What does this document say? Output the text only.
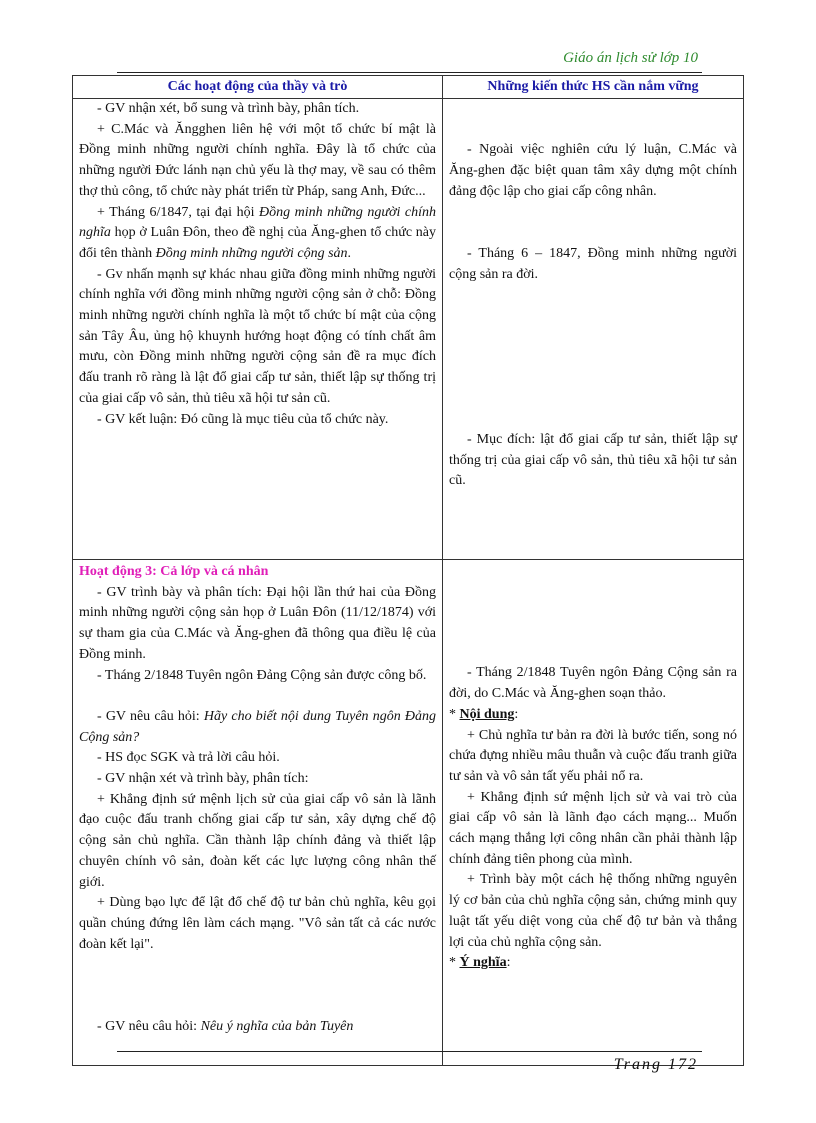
Giáo án lịch sử lớp 10
Các hoạt động của thầy và trò	Những kiến thức HS cần nắm vững

- GV nhận xét, bổ sung và trình bày, phân tích.

+ C.Mác và Ăngghen liên hệ với một tổ chức bí mật là Đồng minh những người chính nghĩa. Đây là tổ chức của những người Đức lánh nạn chủ yếu là thợ may, về sau có thêm thợ thủ công, tổ chức này phát triển từ Pháp, sang Anh, Đức...

+ Tháng 6/1847, tại đại hội Đồng minh những người chính nghĩa họp ở Luân Đôn, theo đề nghị của Ăng-ghen tổ chức này đổi tên thành Đồng minh những người cộng sản.

- Gv nhấn mạnh sự khác nhau giữa đồng minh những người chính nghĩa với đồng minh những người cộng sản ở chỗ: Đồng minh những người chính nghĩa là một tổ chức bí mật của cộng sản Tây Âu, ủng hộ khuynh hướng hoạt động có tính chất âm mưu, còn Đồng minh những người cộng sản đề ra mục đích đấu tranh rõ ràng là lật đổ giai cấp tư sản, thiết lập sự thống trị của giai cấp vô sản, thủ tiêu xã hội tư sản cũ.

- GV kết luận: Đó cũng là mục tiêu của tổ chức này.

- Ngoài việc nghiên cứu lý luận, C.Mác và Ăng-ghen đặc biệt quan tâm xây dựng một chính đảng độc lập cho giai cấp công nhân.

- Tháng 6 – 1847, Đồng minh những người cộng sản ra đời.

- Mục đích: lật đổ giai cấp tư sản, thiết lập sự thống trị của giai cấp vô sản, thủ tiêu xã hội tư sản cũ.

Hoạt động 3: Cả lớp và cá nhân

- GV trình bày và phân tích: Đại hội lần thứ hai của Đồng minh những người cộng sản họp ở Luân Đôn (11/12/1874) với sự tham gia của C.Mác và Ăng-ghen đã thông qua điều lệ của Đồng minh.

- Tháng 2/1848 Tuyên ngôn Đảng Cộng sản được công bố.

- GV nêu câu hỏi: Hãy cho biết nội dung Tuyên ngôn Đảng Cộng sản?

- HS đọc SGK và trả lời câu hỏi.

- GV nhận xét và trình bày, phân tích:

+ Khẳng định sứ mệnh lịch sử của giai cấp vô sản là lãnh đạo cuộc đấu tranh chống giai cấp tư sản, xây dựng chế độ cộng sản chủ nghĩa. Cần thành lập chính đảng và thiết lập chuyên chính vô sản, đoàn kết các lực lượng công nhân thế giới.

+ Dùng bạo lực để lật đổ chế độ tư bản chủ nghĩa, kêu gọi quần chúng đứng lên làm cách mạng. "Vô sản tất cả các nước đoàn kết lại".

- GV nêu câu hỏi: Nêu ý nghĩa của bản Tuyên

- Tháng 2/1848 Tuyên ngôn Đảng Cộng sản ra đời, do C.Mác và Ăng-ghen soạn thảo.

* Nội dung:

+ Chủ nghĩa tư bản ra đời là bước tiến, song nó chứa đựng nhiều mâu thuẫn và cuộc đấu tranh giữa tư sản và vô sản tất yếu phải nổ ra.

+ Khẳng định sứ mệnh lịch sử và vai trò của giai cấp vô sản là lãnh đạo cách mạng... Muốn cách mạng thắng lợi công nhân cần phải thành lập chính đảng tiên phong của mình.

+ Trình bày một cách hệ thống những nguyên lý cơ bản của chủ nghĩa cộng sản, chứng minh quy luật tất yếu diệt vong của chế độ tư bản và thắng lợi của chủ nghĩa cộng sản.

* Ý nghĩa:

Trang 172
